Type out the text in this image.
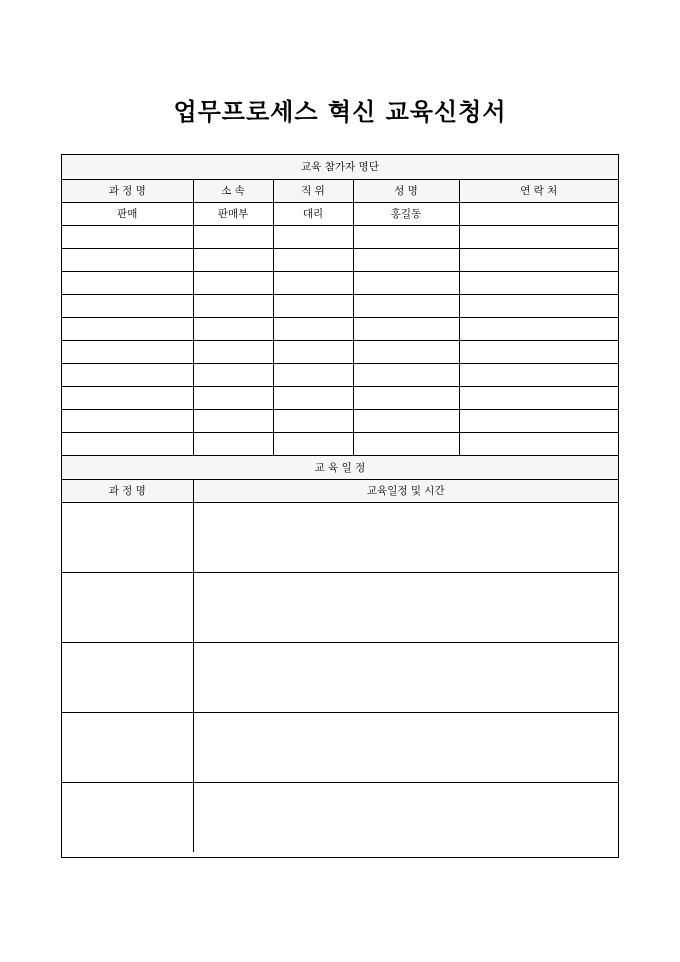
업무프로세스 혁신 교육신청서
교육 참가자 명단				
과 정 명	소 속	직 위	성 명	연 락 처
판매	판매부	대리	홍길동	

교 육 일 정				
과 정 명	교육일정 및 시간			
